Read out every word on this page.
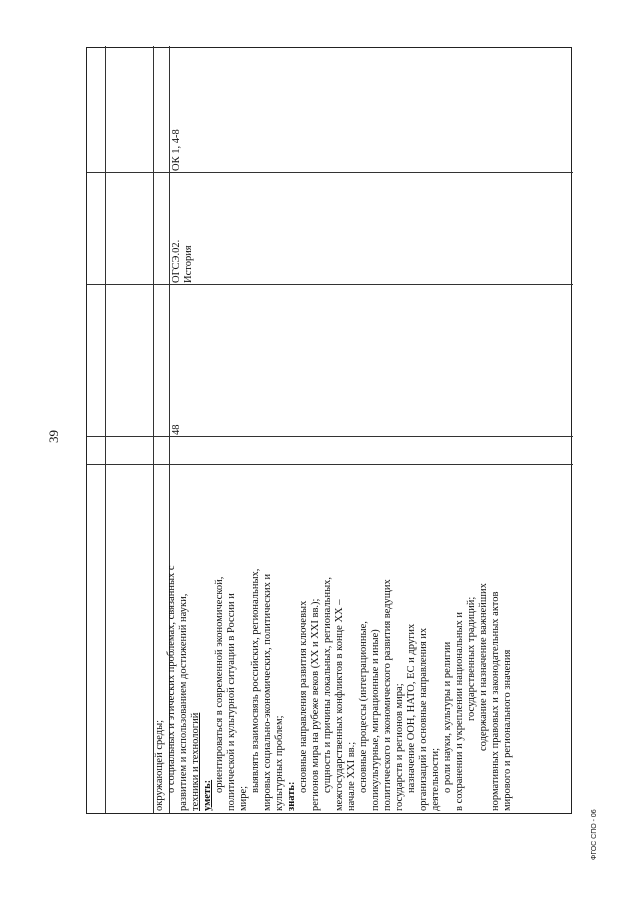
39
окружающей среды; о социальных и этических проблемах, связанных с развитием и использованием достижений науки, техники и технологий уметь:
ориентироваться в современной экономической, политической и культурной ситуации в России и мире;
выявлять взаимосвязь российских, региональных, мировых социально-экономических, политических и культурных проблем; знать:
основные направления развития ключевых регионов мира на рубеже веков (XX и XXI вв.); сущность и причины локальных, региональных, межгосударственных конфликтов в конце XX – начале XXI вв.; основные процессы (интеграционные, поликультурные, миграционные и иные) политического и экономического развития ведущих государств и регионов мира; назначение ООН, НАТО, ЕС и других организаций и основные направления их деятельности; о роли науки, культуры и религии в сохранении и укреплении национальных и государственных традиций; содержание и назначение важнейших нормативных правовых и законодательных актов мирового и регионального значения
48
ОГСЭ.02. История
ОК 1, 4-8
ФГОС СПО - 06
